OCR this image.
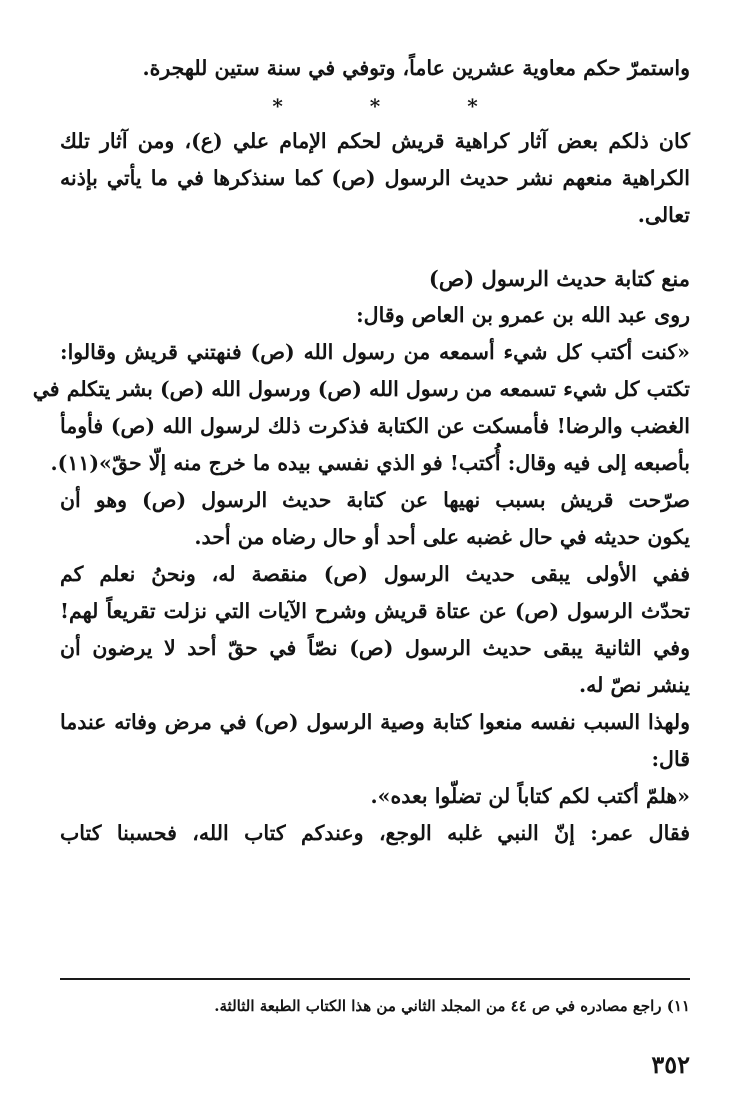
واستمرّ حكم معاوية عشرين عاماً، وتوفي في سنة ستين للهجرة.

*	*	*

كان ذلكم بعض آثار كراهية قريش لحكم الإمام علي (ع)، ومن آثار تلك

الكراهية منعهم نشر حديث الرسول (ص) كما سنذكرها في ما يأتي بإذنه

تعالى.

منع كتابة حديث الرسول (ص)

روى عبد الله بن عمرو بن العاص وقال:

«كنت أكتب كل شيء أسمعه من رسول الله (ص) فنهتني قريش وقالوا:

تكتب كل شيء تسمعه من رسول الله (ص) ورسول الله (ص) بشر يتكلم في

الغضب والرضا! فأمسكت عن الكتابة فذكرت ذلك لرسول الله (ص) فأومأ

بأصبعه إلى فيه وقال: أُكتب! فو الذي نفسي بيده ما خرج منه إلّا حقّ»(١١).

صرّحت قريش بسبب نهيها عن كتابة حديث الرسول (ص) وهو أن

يكون حديثه في حال غضبه على أحد أو حال رضاه من أحد.

ففي الأولى يبقى حديث الرسول (ص) منقصة له، ونحنُ نعلم كم

تحدّث الرسول (ص) عن عتاة قريش وشرح الآيات التي نزلت تقريعاً لهم!

وفي الثانية يبقى حديث الرسول (ص) نصّاً في حقّ أحد لا يرضون أن

ينشر نصّ له.

ولهذا السبب نفسه منعوا كتابة وصية الرسول (ص) في مرض وفاته عندما

قال:

«هلمّ أكتب لكم كتاباً لن تضلّوا بعده».

فقال عمر: إنّ النبي غلبه الوجع، وعندكم كتاب الله، فحسبنا كتاب

١١) راجع مصادره في ص ٤٤ من المجلد الثاني من هذا الكتاب الطبعة الثالثة.
٣٥٢
